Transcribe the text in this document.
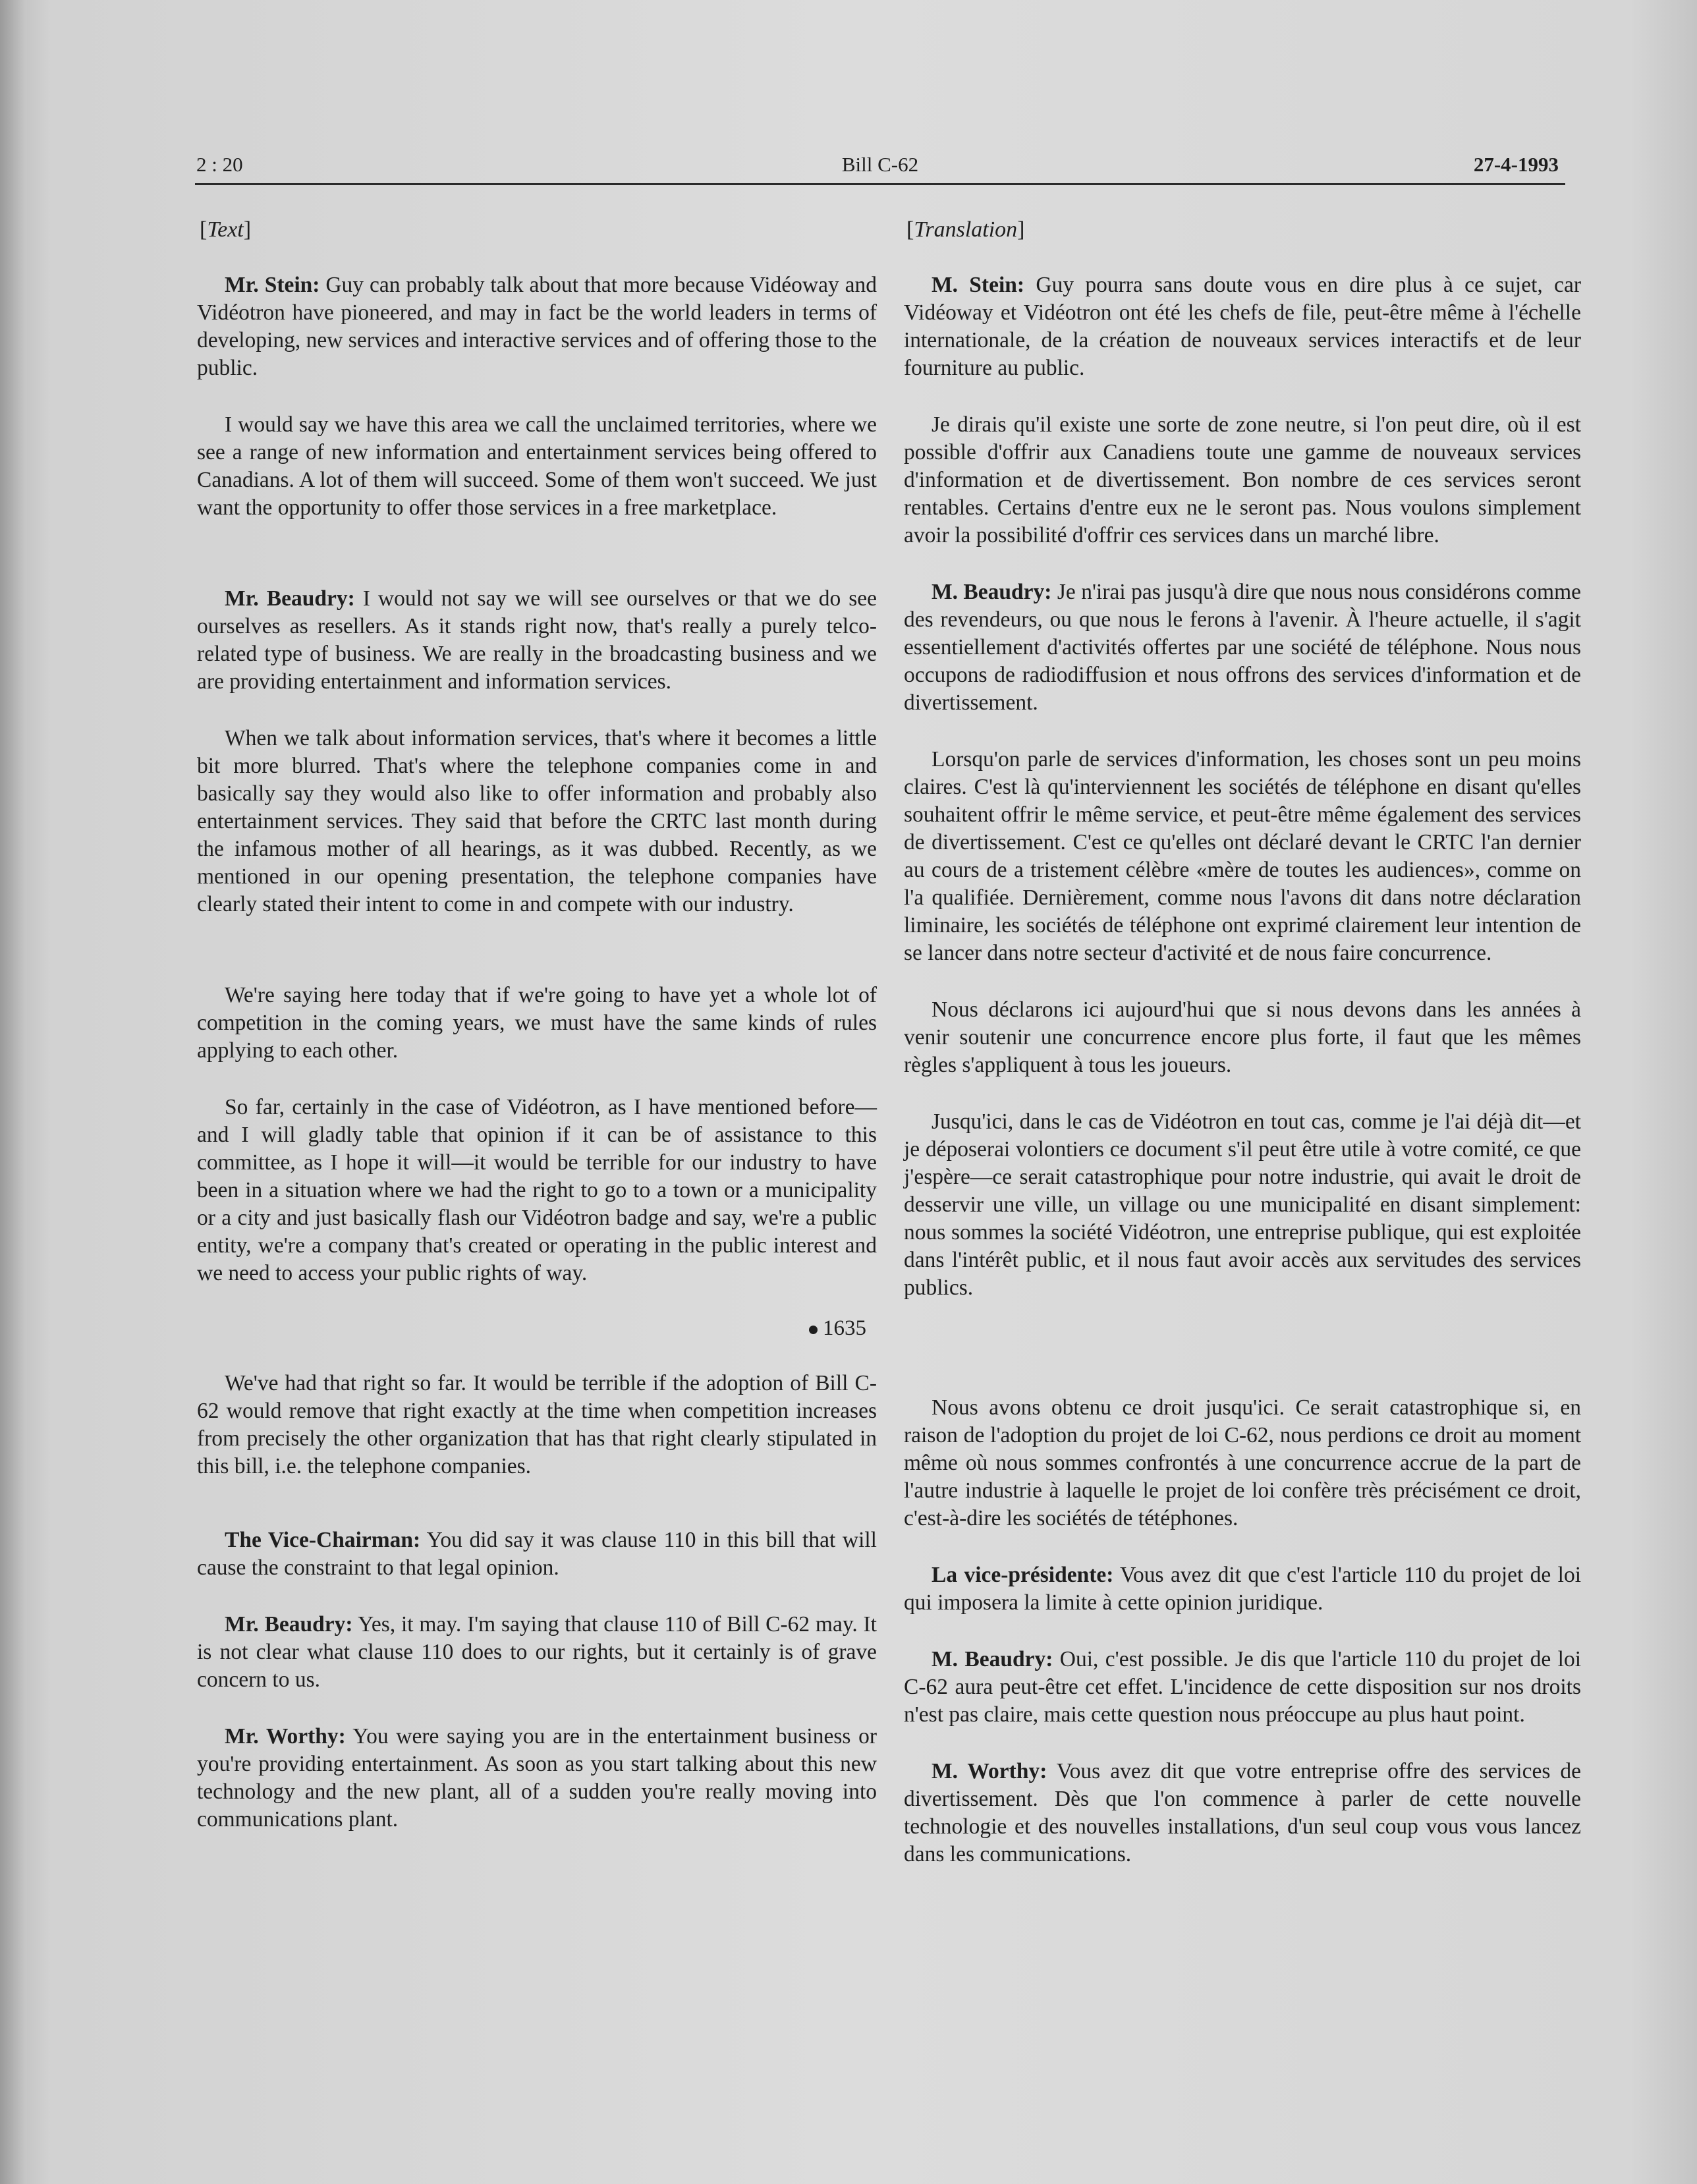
2 : 20	Bill C-62	27-4-1993
[Text]

Mr. Stein: Guy can probably talk about that more because Vidéoway and Vidéotron have pioneered, and may in fact be the world leaders in terms of developing, new services and interactive services and of offering those to the public.

I would say we have this area we call the unclaimed territories, where we see a range of new information and entertainment services being offered to Canadians. A lot of them will succeed. Some of them won't succeed. We just want the opportunity to offer those services in a free marketplace.

Mr. Beaudry: I would not say we will see ourselves or that we do see ourselves as resellers. As it stands right now, that's really a purely telco-related type of business. We are really in the broadcasting business and we are providing entertainment and information services.

When we talk about information services, that's where it becomes a little bit more blurred. That's where the telephone companies come in and basically say they would also like to offer information and probably also entertainment services. They said that before the CRTC last month during the infamous mother of all hearings, as it was dubbed. Recently, as we mentioned in our opening presentation, the telephone companies have clearly stated their intent to come in and compete with our industry.

We're saying here today that if we're going to have yet a whole lot of competition in the coming years, we must have the same kinds of rules applying to each other.

So far, certainly in the case of Vidéotron, as I have mentioned before—and I will gladly table that opinion if it can be of assistance to this committee, as I hope it will—it would be terrible for our industry to have been in a situation where we had the right to go to a town or a municipality or a city and just basically flash our Vidéotron badge and say, we're a public entity, we're a company that's created or operating in the public interest and we need to access your public rights of way.

1635

We've had that right so far. It would be terrible if the adoption of Bill C-62 would remove that right exactly at the time when competition increases from precisely the other organization that has that right clearly stipulated in this bill, i.e. the telephone companies.

The Vice-Chairman: You did say it was clause 110 in this bill that will cause the constraint to that legal opinion.

Mr. Beaudry: Yes, it may. I'm saying that clause 110 of Bill C-62 may. It is not clear what clause 110 does to our rights, but it certainly is of grave concern to us.

Mr. Worthy: You were saying you are in the entertainment business or you're providing entertainment. As soon as you start talking about this new technology and the new plant, all of a sudden you're really moving into communications plant.

[Translation]

M. Stein: Guy pourra sans doute vous en dire plus à ce sujet, car Vidéoway et Vidéotron ont été les chefs de file, peut-être même à l'échelle internationale, de la création de nouveaux services interactifs et de leur fourniture au public.

Je dirais qu'il existe une sorte de zone neutre, si l'on peut dire, où il est possible d'offrir aux Canadiens toute une gamme de nouveaux services d'information et de divertissement. Bon nombre de ces services seront rentables. Certains d'entre eux ne le seront pas. Nous voulons simplement avoir la possibilité d'offrir ces services dans un marché libre.

M. Beaudry: Je n'irai pas jusqu'à dire que nous nous considérons comme des revendeurs, ou que nous le ferons à l'avenir. À l'heure actuelle, il s'agit essentiellement d'activités offertes par une société de téléphone. Nous nous occupons de radiodiffusion et nous offrons des services d'information et de divertissement.

Lorsqu'on parle de services d'information, les choses sont un peu moins claires. C'est là qu'interviennent les sociétés de téléphone en disant qu'elles souhaitent offrir le même service, et peut-être même également des services de divertissement. C'est ce qu'elles ont déclaré devant le CRTC l'an dernier au cours de a tristement célèbre «mère de toutes les audiences», comme on l'a qualifiée. Dernièrement, comme nous l'avons dit dans notre déclaration liminaire, les sociétés de téléphone ont exprimé clairement leur intention de se lancer dans notre secteur d'activité et de nous faire concurrence.

Nous déclarons ici aujourd'hui que si nous devons dans les années à venir soutenir une concurrence encore plus forte, il faut que les mêmes règles s'appliquent à tous les joueurs.

Jusqu'ici, dans le cas de Vidéotron en tout cas, comme je l'ai déjà dit—et je déposerai volontiers ce document s'il peut être utile à votre comité, ce que j'espère—ce serait catastrophique pour notre industrie, qui avait le droit de desservir une ville, un village ou une municipalité en disant simplement: nous sommes la société Vidéotron, une entreprise publique, qui est exploitée dans l'intérêt public, et il nous faut avoir accès aux servitudes des services publics.

Nous avons obtenu ce droit jusqu'ici. Ce serait catastrophique si, en raison de l'adoption du projet de loi C-62, nous perdions ce droit au moment même où nous sommes confrontés à une concurrence accrue de la part de l'autre industrie à laquelle le projet de loi confère très précisément ce droit, c'est-à-dire les sociétés de tétéphones.

La vice-présidente: Vous avez dit que c'est l'article 110 du projet de loi qui imposera la limite à cette opinion juridique.

M. Beaudry: Oui, c'est possible. Je dis que l'article 110 du projet de loi C-62 aura peut-être cet effet. L'incidence de cette disposition sur nos droits n'est pas claire, mais cette question nous préoccupe au plus haut point.

M. Worthy: Vous avez dit que votre entreprise offre des services de divertissement. Dès que l'on commence à parler de cette nouvelle technologie et des nouvelles installations, d'un seul coup vous vous lancez dans les communications.
